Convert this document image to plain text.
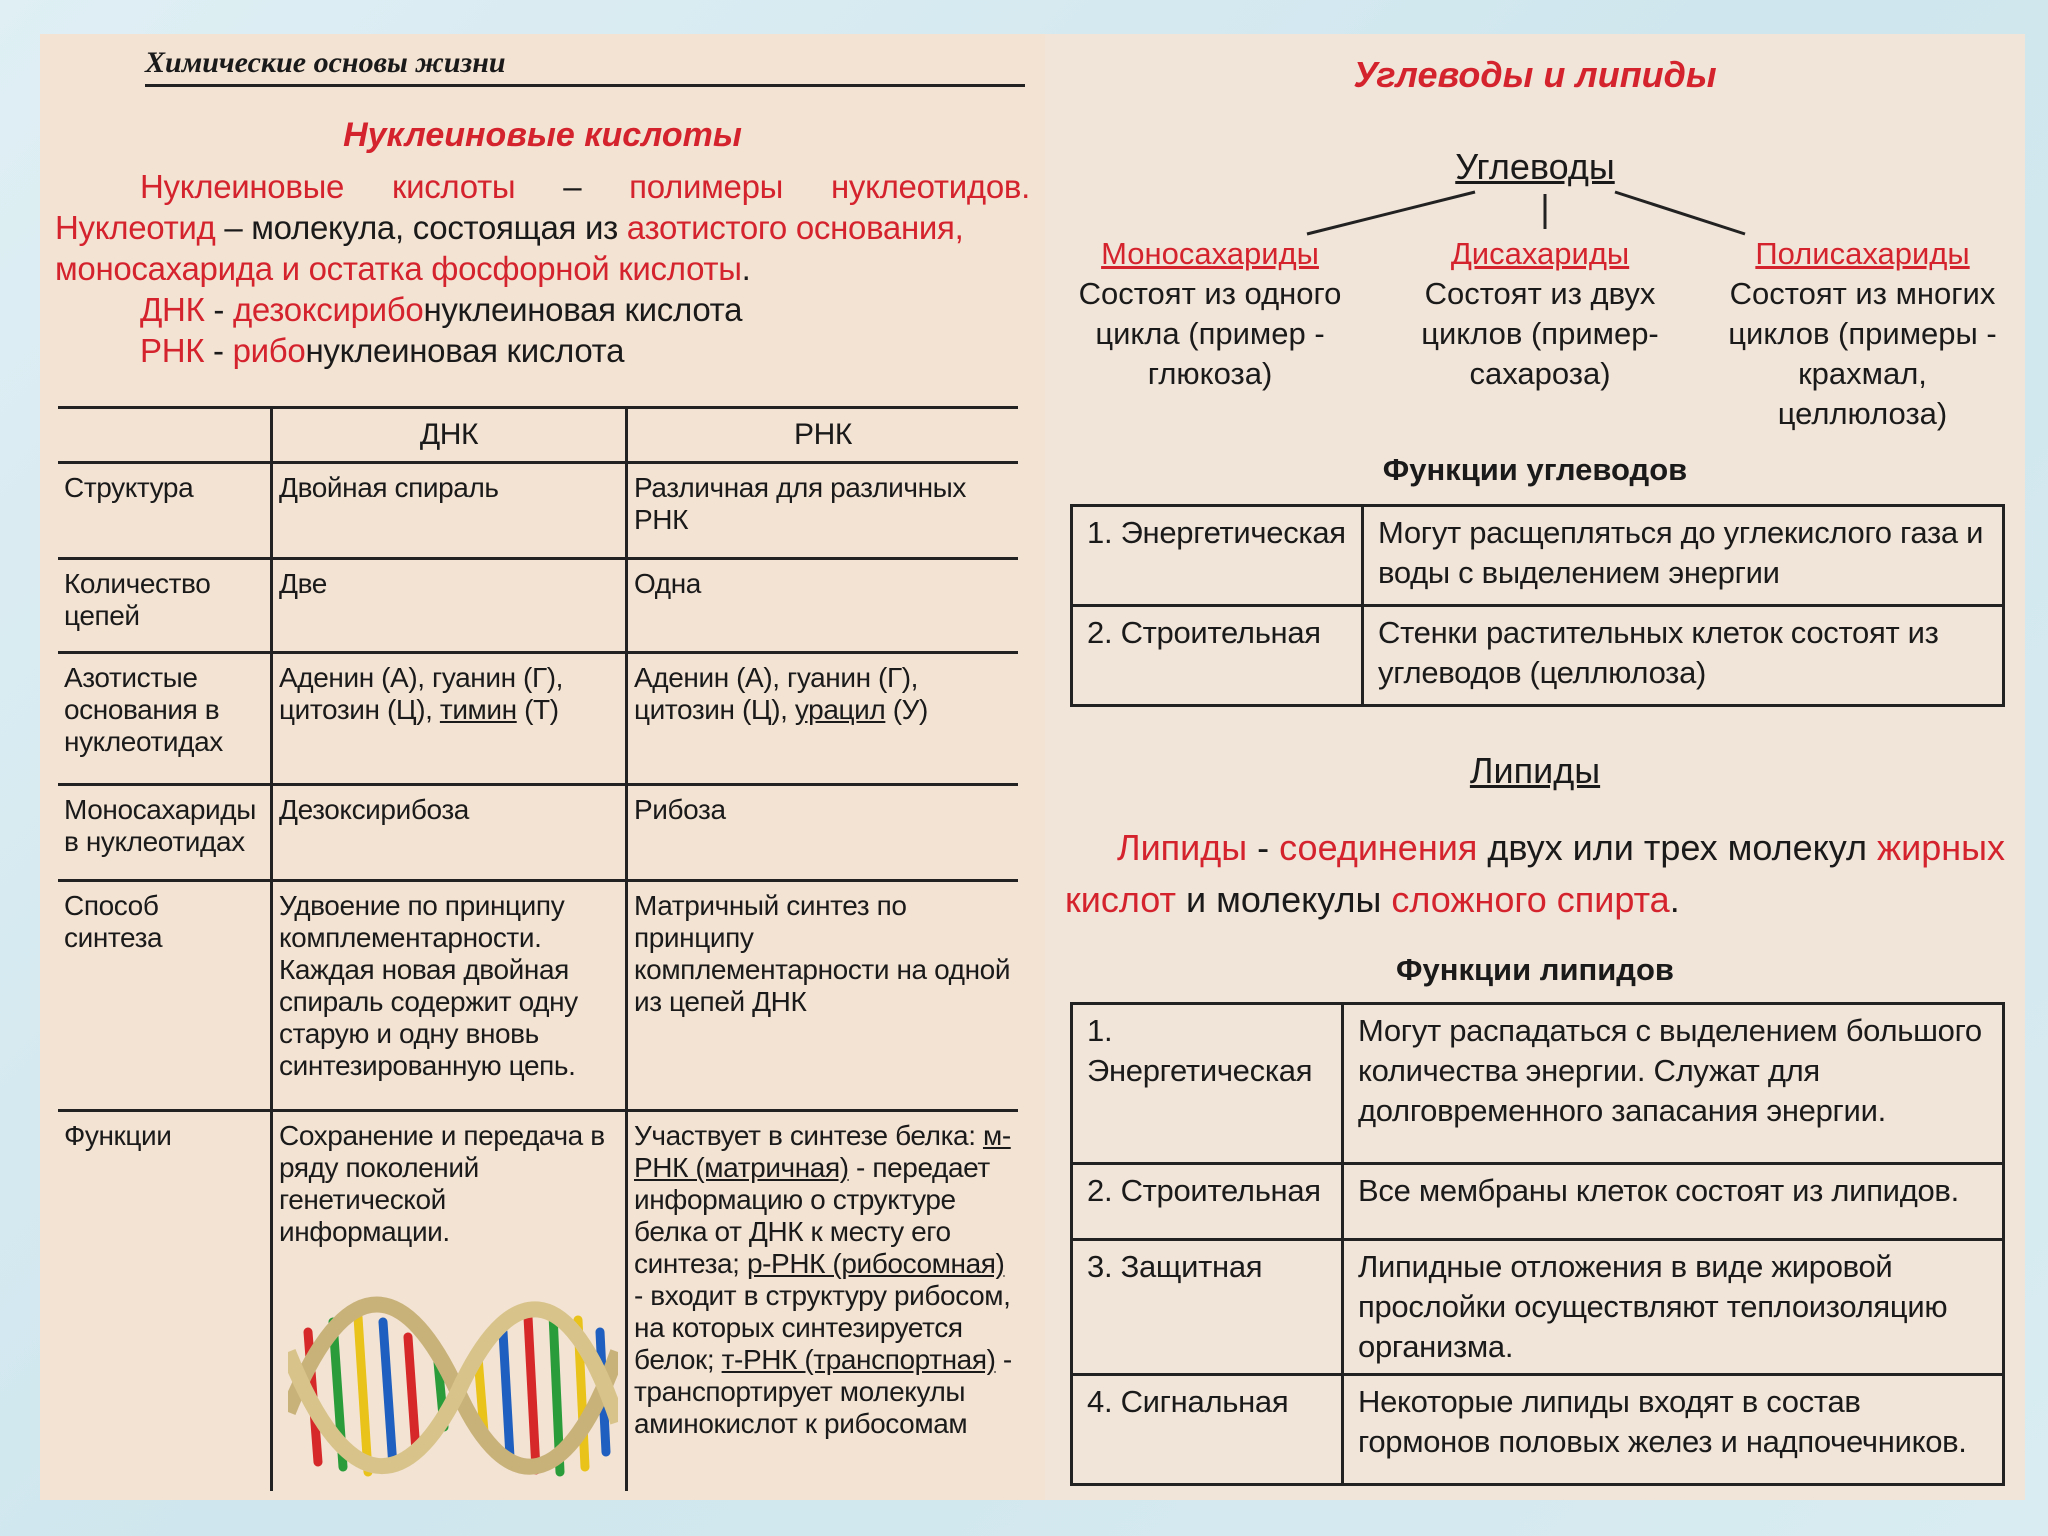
Химические основы жизни
Нуклеиновые кислоты

Нуклеиновые кислоты – полимеры нуклеотидов.

Нуклеотид – молекула, состоящая из азотистого основания,

моносахарида и остатка фосфорной кислоты.

ДНК - дезоксирибонуклеиновая кислота

РНК - рибонуклеиновая кислота

	ДНК	РНК
Структура	Двойная спираль	Различная для различных РНК
Количество цепей	Две	Одна
Азотистые основания в нуклеотидах	Аденин (А), гуанин (Г), цитозин (Ц), тимин (Т)	Аденин (А), гуанин (Г), цитозин (Ц), урацил (У)
Моносахариды в нуклеотидах	Дезоксирибоза	Рибоза
Способ синтеза	Удвоение по принципу комплементарности. Каждая новая двойная спираль содержит одну старую и одну вновь синтезированную цепь.	Матричный синтез по принципу комплементарности на одной из цепей ДНК
Функции	Сохранение и передача в ряду поколений генетической информации.	Участвует в синтезе белка: м-РНК (матричная) - передает информацию о структуре белка от ДНК к месту его синтеза; р-РНК (рибосомная) - входит в структуру рибосом, на которых синтезируется белок; т-РНК (транспортная) - транспортирует молекулы аминокислот к рибосомам
Углеводы и липиды
Углеводы
Моносахариды
Состоят из одного
цикла (пример -
глюкоза)
Дисахариды
Состоят из двух
циклов (пример-
сахароза)
Полисахариды
Состоят из многих
циклов (примеры -
крахмал, целлюлоза)
Функции углеводов
1. Энергетическая	Могут расщепляться до углекислого газа и воды с выделением энергии
2. Строительная	Стенки растительных клеток состоят из углеводов (целлюлоза)
Липиды

Липиды - соединения двух или трех молекул жирных

кислот и молекулы сложного спирта.

Функции липидов
1. Энергетическая	Могут распадаться с выделением большого количества энергии. Служат для долговременного запасания энергии.
2. Строительная	Все мембраны клеток состоят из липидов.
3. Защитная	Липидные отложения в виде жировой прослойки осуществляют теплоизоляцию организма.
4. Сигнальная	Некоторые липиды входят в состав гормонов половых желез и надпочечников.
